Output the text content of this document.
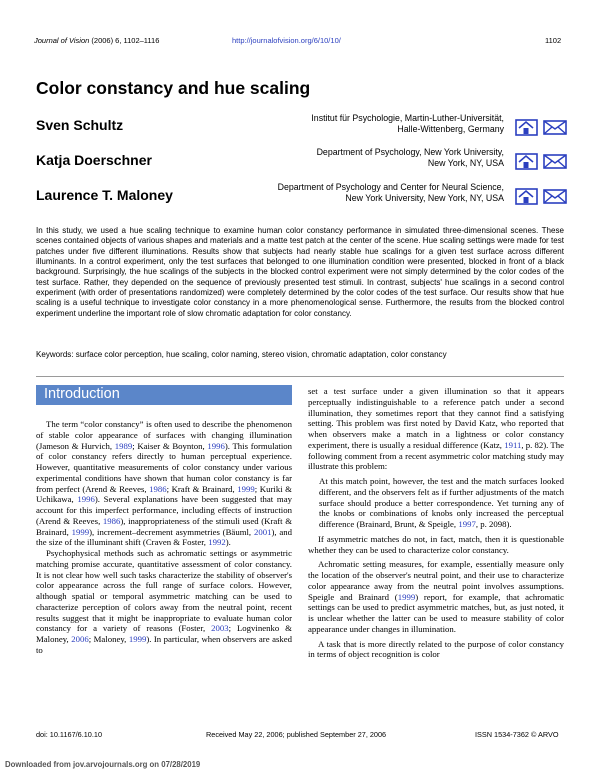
Journal of Vision (2006) 6, 1102–1116	http://journalofvision.org/6/10/10/	1102
Color constancy and hue scaling
Sven Schultz	Institut für Psychologie, Martin-Luther-Universität,
Halle-Wittenberg, Germany
Katja Doerschner	Department of Psychology, New York University,
New York, NY, USA
Laurence T. Maloney	Department of Psychology and Center for Neural Science,
New York University, New York, NY, USA
In this study, we used a hue scaling technique to examine human color constancy performance in simulated three-dimensional scenes. These scenes contained objects of various shapes and materials and a matte test patch at the center of the scene. Hue scaling settings were made for test patches under five different illuminations. Results show that subjects had nearly stable hue scalings for a given test surface across different illuminants. In a control experiment, only the test surfaces that belonged to one illumination condition were presented, blocked in front of a black background. Surprisingly, the hue scalings of the subjects in the blocked control experiment were not simply determined by the color codes of the test surface. Rather, they depended on the sequence of previously presented test stimuli. In contrast, subjects' hue scalings in a second control experiment (with order of presentations randomized) were completely determined by the color codes of the test surface. Our results show that hue scaling is a useful technique to investigate color constancy in a more phenomenological sense. Furthermore, the results from the blocked control experiment underline the important role of slow chromatic adaptation for color constancy.
Keywords: surface color perception, hue scaling, color naming, stereo vision, chromatic adaptation, color constancy
Introduction

The term “color constancy” is often used to describe the phenomenon of stable color appearance of surfaces with changing illumination (Jameson & Hurvich, 1989; Kaiser & Boynton, 1996). This formulation of color constancy refers directly to human perceptual experience. However, quantitative measurements of color constancy under various experimental conditions have shown that human color constancy is far from perfect (Arend & Reeves, 1986; Kraft & Brainard, 1999; Kuriki & Uchikawa, 1996). Several explanations have been suggested that may account for this imperfect performance, including effects of instruction (Arend & Reeves, 1986), inappropriateness of the stimuli used (Kraft & Brainard, 1999), increment–decrement asymmetries (Bäuml, 2001), and the size of the illuminant shift (Craven & Foster, 1992).

Psychophysical methods such as achromatic settings or asymmetric matching promise accurate, quantitative assessment of color constancy. It is not clear how well such tasks characterize the stability of observer's color appearance across the full range of surface colors. However, although spatial or temporal asymmetric matching can be used to characterize perception of colors away from the neutral point, recent results suggest that it might be inappropriate to evaluate human color constancy for a variety of reasons (Foster, 2003; Logvinenko & Maloney, 2006; Maloney, 1999). In particular, when observers are asked to

set a test surface under a given illumination so that it appears perceptually indistinguishable to a reference patch under a second illumination, they sometimes report that they cannot find a satisfying setting. This problem was first noted by David Katz, who reported that when observers make a match in a lightness or color constancy experiment, there is usually a residual difference (Katz, 1911, p. 82). The following comment from a recent asymmetric color matching study may illustrate this problem:

At this match point, however, the test and the match surfaces looked different, and the observers felt as if further adjustments of the match surface should produce a better correspondence. Yet turning any of the knobs or combinations of knobs only increased the perceptual difference (Brainard, Brunt, & Speigle, 1997, p. 2098).

If asymmetric matches do not, in fact, match, then it is questionable whether they can be used to characterize color constancy.

Achromatic setting measures, for example, essentially measure only the location of the observer's neutral point, and their use to characterize color appearance away from the neutral point involves assumptions. Speigle and Brainard (1999) report, for example, that achromatic settings can be used to predict asymmetric matches, but, as just noted, it is unclear whether the latter can be used to measure stability of color appearance under changes in illumination.

A task that is more directly related to the purpose of color constancy in terms of object recognition is color

doi: 10.1167/6.10.10	Received May 22, 2006; published September 27, 2006	ISSN 1534-7362 © ARVO
Downloaded from jov.arvojournals.org on 07/28/2019
